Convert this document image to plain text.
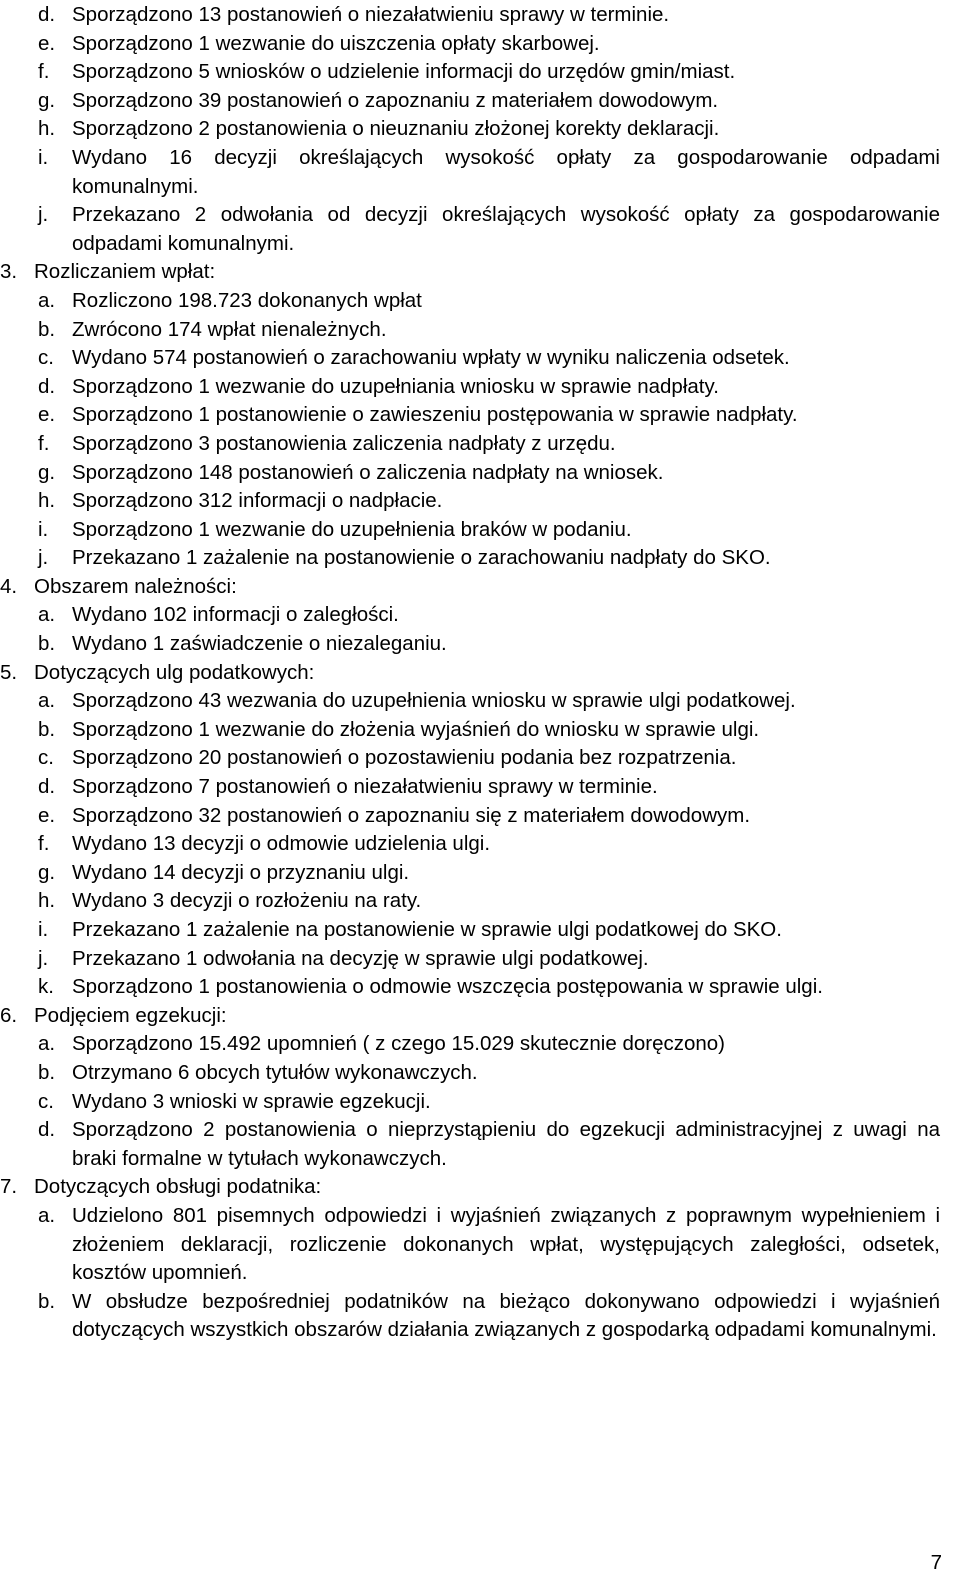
d. Sporządzono 13 postanowień o niezałatwieniu sprawy w terminie.
e. Sporządzono 1 wezwanie do uiszczenia opłaty skarbowej.
f.	Sporządzono 5 wniosków o udzielenie informacji do urzędów gmin/miast.
g. Sporządzono 39 postanowień o zapoznaniu z materiałem dowodowym.
h. Sporządzono 2 postanowienia o nieuznaniu złożonej korekty deklaracji.
i.	Wydano 16 decyzji określających wysokość opłaty za gospodarowanie odpadami komunalnymi.
j.	Przekazano 2 odwołania od decyzji określających wysokość opłaty za gospodarowanie odpadami komunalnymi.
3. Rozliczaniem wpłat:
a. Rozliczono 198.723 dokonanych wpłat
b. Zwrócono 174 wpłat nienależnych.
c. Wydano 574 postanowień o zarachowaniu wpłaty w wyniku naliczenia odsetek.
d. Sporządzono 1 wezwanie do uzupełniania wniosku w sprawie nadpłaty.
e. Sporządzono 1 postanowienie o zawieszeniu postępowania w sprawie nadpłaty.
f.	Sporządzono 3 postanowienia zaliczenia nadpłaty z urzędu.
g. Sporządzono 148 postanowień o zaliczenia nadpłaty na wniosek.
h. Sporządzono 312 informacji o nadpłacie.
i.	Sporządzono 1 wezwanie do uzupełnienia braków w podaniu.
j.	Przekazano 1 zażalenie na postanowienie o zarachowaniu nadpłaty do SKO.
4. Obszarem należności:
a. Wydano 102 informacji o zaległości.
b. Wydano 1 zaświadczenie o niezaleganiu.
5. Dotyczących ulg podatkowych:
a. Sporządzono 43 wezwania do uzupełnienia wniosku w sprawie ulgi podatkowej.
b. Sporządzono 1 wezwanie do złożenia wyjaśnień do wniosku w sprawie ulgi.
c. Sporządzono 20 postanowień o pozostawieniu podania bez rozpatrzenia.
d. Sporządzono 7 postanowień o niezałatwieniu sprawy w terminie.
e. Sporządzono 32 postanowień o zapoznaniu się z materiałem dowodowym.
f.	Wydano 13 decyzji o odmowie udzielenia ulgi.
g. Wydano 14 decyzji o przyznaniu ulgi.
h. Wydano 3 decyzji o rozłożeniu na raty.
i.	Przekazano 1 zażalenie na postanowienie w sprawie ulgi podatkowej do SKO.
j.	Przekazano 1 odwołania na decyzję w sprawie ulgi podatkowej.
k. Sporządzono 1 postanowienia o odmowie wszczęcia postępowania w sprawie ulgi.
6. Podjęciem egzekucji:
a. Sporządzono 15.492 upomnień ( z czego 15.029 skutecznie doręczono)
b. Otrzymano 6 obcych tytułów wykonawczych.
c. Wydano 3 wnioski w sprawie egzekucji.
d. Sporządzono 2 postanowienia o nieprzystąpieniu do egzekucji administracyjnej z uwagi na braki formalne w tytułach wykonawczych.
7. Dotyczących obsługi podatnika:
a. Udzielono 801 pisemnych odpowiedzi i wyjaśnień związanych z poprawnym wypełnieniem i złożeniem deklaracji, rozliczenie dokonanych wpłat, występujących zaległości, odsetek, kosztów upomnień.
b. W obsłudze bezpośredniej podatników na bieżąco dokonywano odpowiedzi i wyjaśnień dotyczących wszystkich obszarów działania związanych z gospodarką odpadami komunalnymi.
7
